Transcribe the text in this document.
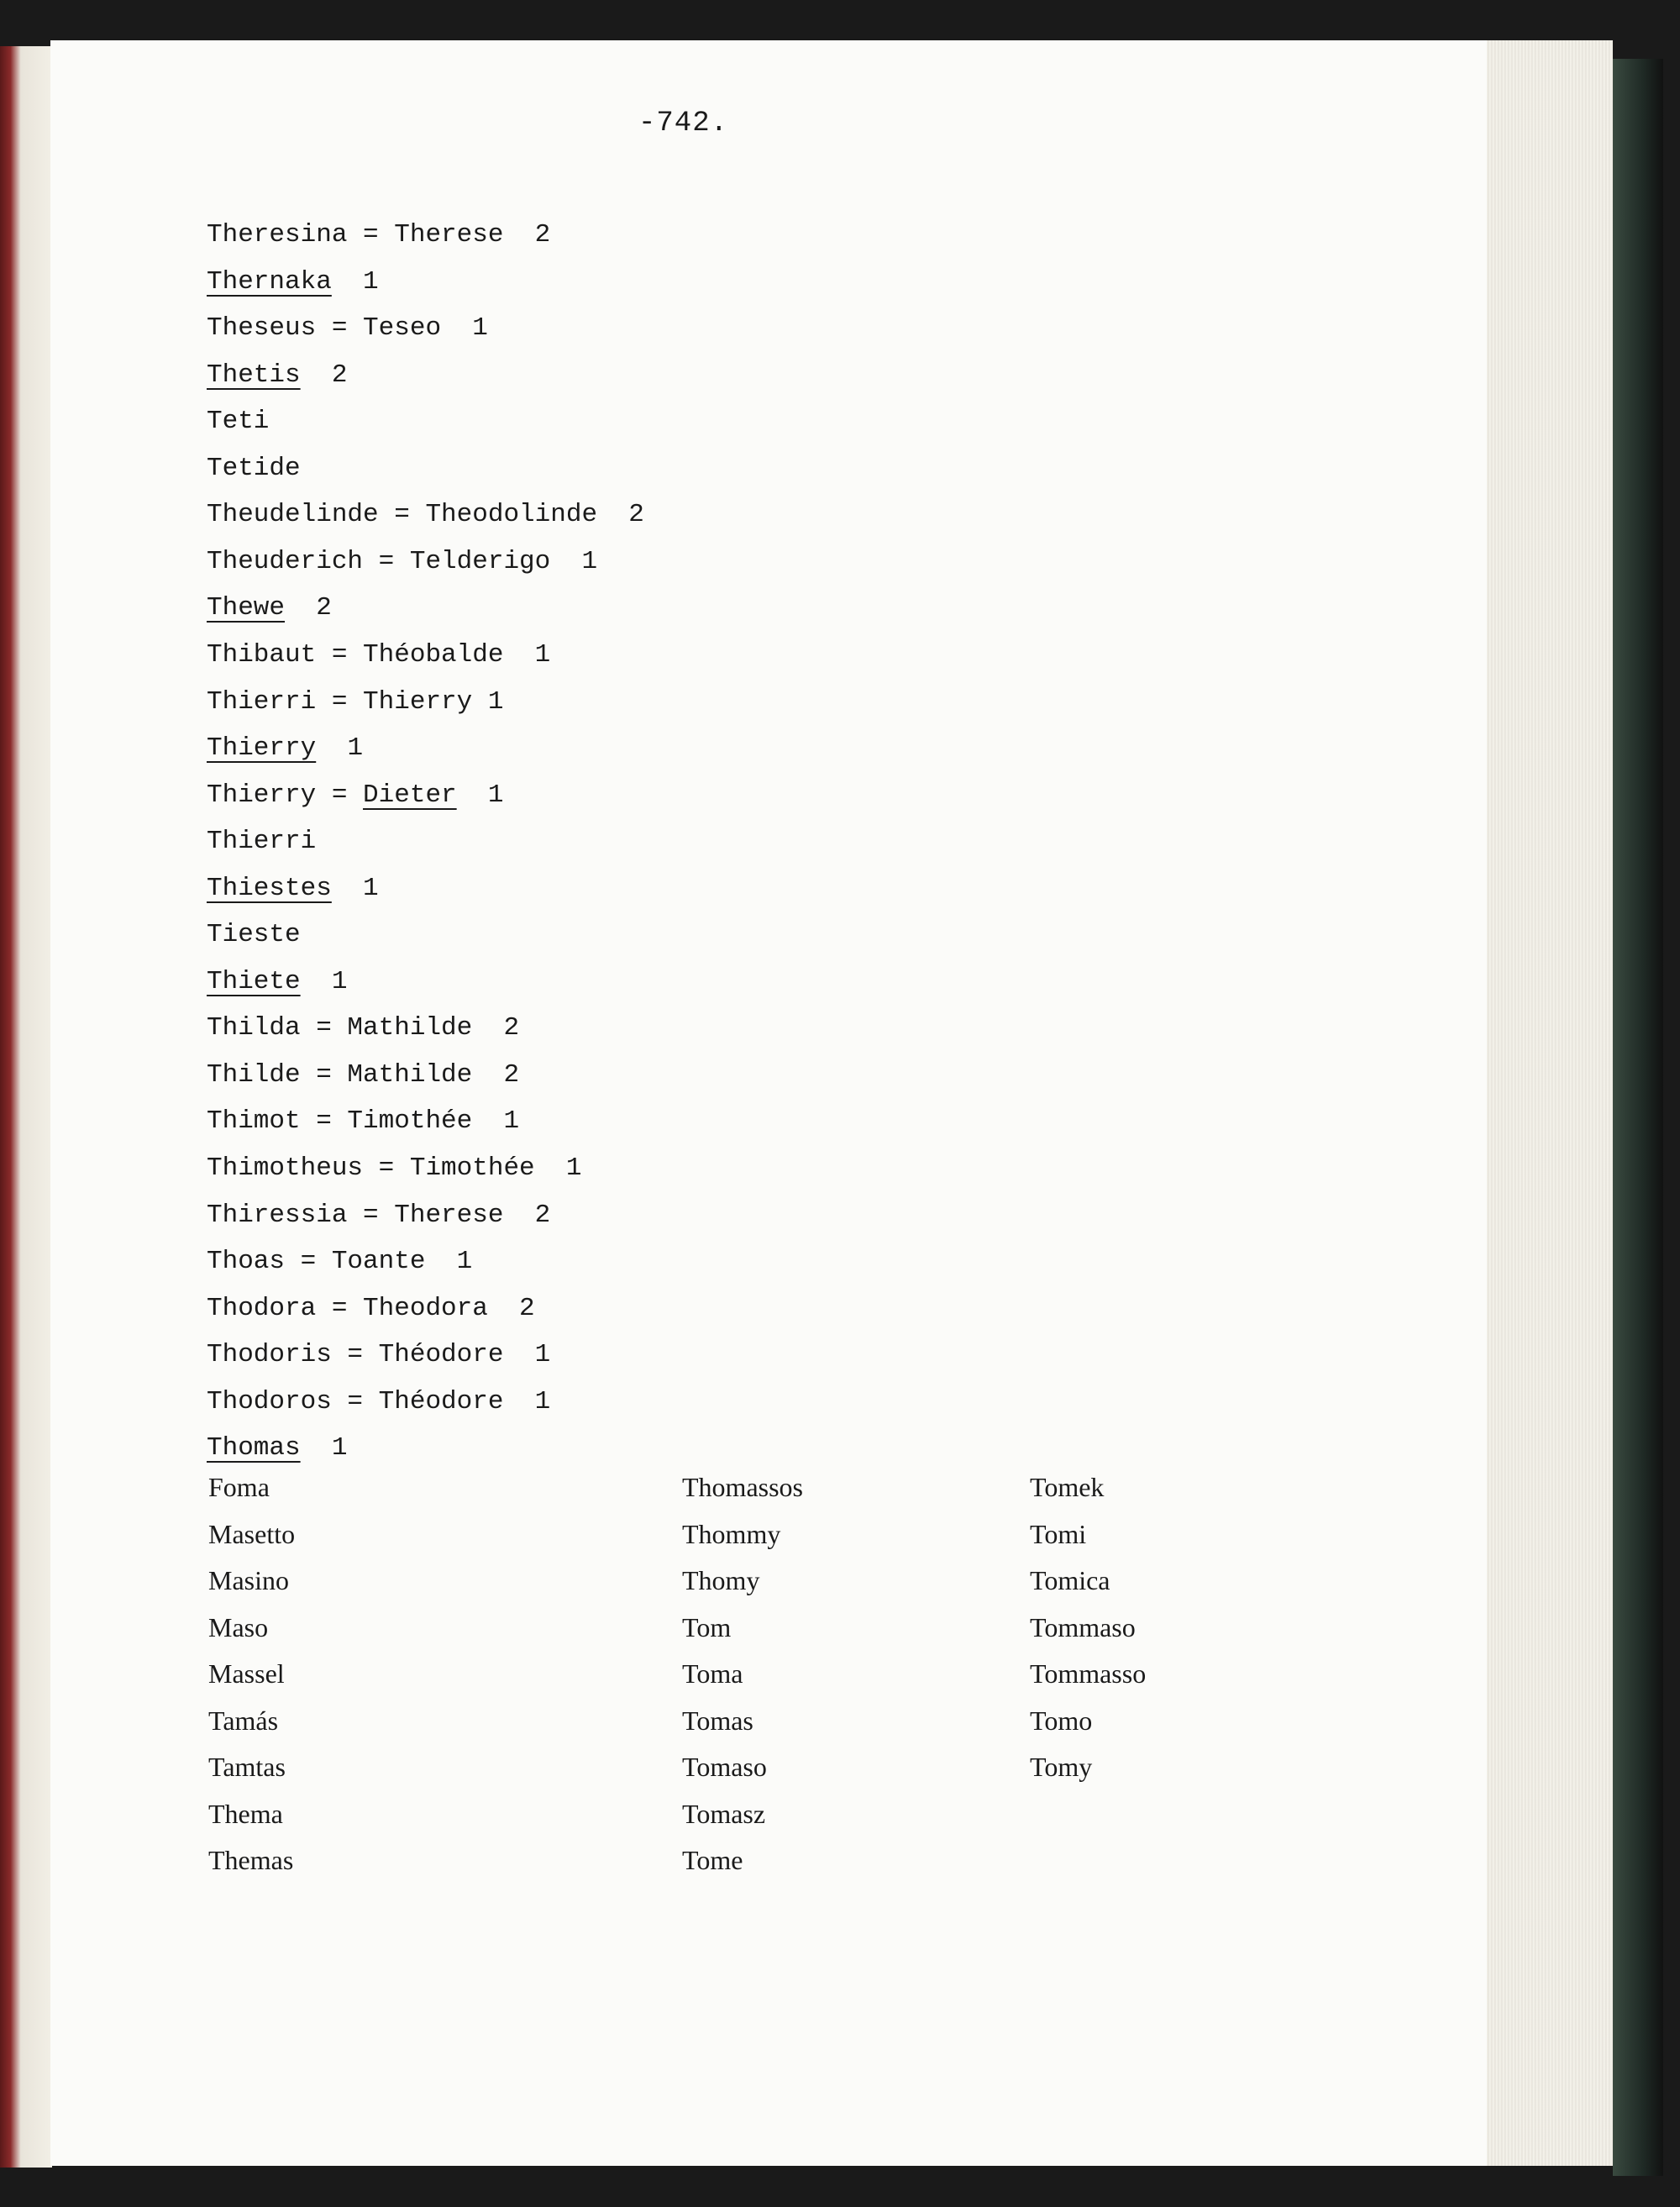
-742.
Theresina = Therese  2
Thernaka  1
Theseus = Teseo  1
Thetis  2
Teti
Tetide
Theudelinde = Theodolinde  2
Theuderich = Telderigo  1
Thewe  2
Thibaut = Théobalde  1
Thierri = Thierry 1
Thierry  1
Thierry = Dieter  1
Thierri
Thiestes  1
Tieste
Thiete  1
Thilda = Mathilde  2
Thilde = Mathilde  2
Thimot = Timothée  1
Thimotheus = Timothée  1
Thiressia = Therese  2
Thoas = Toante  1
Thodora = Theodora  2
Thodoris = Théodore  1
Thodoros = Théodore  1
Thomas  1
Foma
Masetto
Masino
Maso
Massel
Tamás
Tamtas
Thema
Themas
Thomassos
Thommy
Thomy
Tom
Toma
Tomas
Tomaso
Tomasz
Tome
Tomek
Tomi
Tomica
Tommaso
Tommasso
Tomo
Tomy
